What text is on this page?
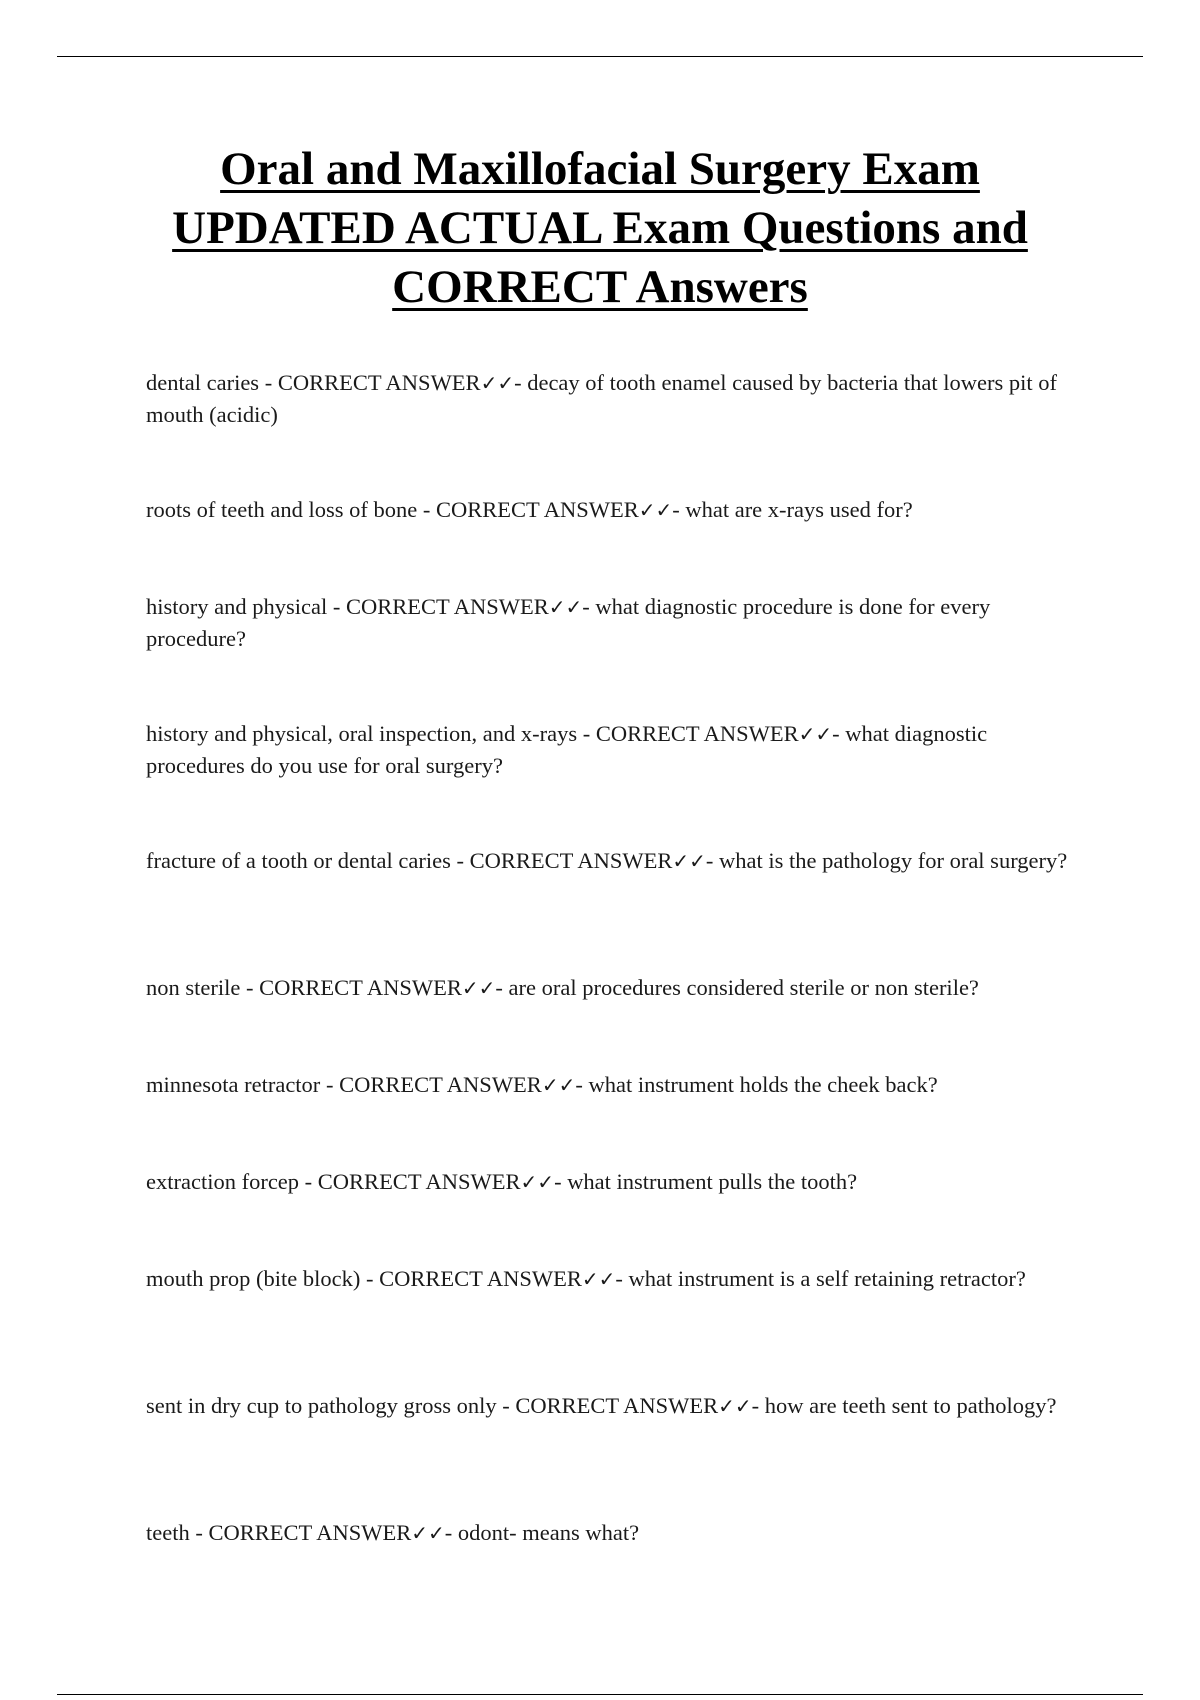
Oral and Maxillofacial Surgery Exam
UPDATED ACTUAL Exam Questions and
CORRECT Answers

dental caries - CORRECT ANSWER✓✓- decay of tooth enamel caused by bacteria that lowers pit of mouth (acidic)

roots of teeth and loss of bone - CORRECT ANSWER✓✓- what are x-rays used for?

history and physical - CORRECT ANSWER✓✓- what diagnostic procedure is done for every procedure?

history and physical, oral inspection, and x-rays - CORRECT ANSWER✓✓- what diagnostic procedures do you use for oral surgery?

fracture of a tooth or dental caries - CORRECT ANSWER✓✓- what is the pathology for oral surgery?

non sterile - CORRECT ANSWER✓✓- are oral procedures considered sterile or non sterile?

minnesota retractor - CORRECT ANSWER✓✓- what instrument holds the cheek back?

extraction forcep - CORRECT ANSWER✓✓- what instrument pulls the tooth?

mouth prop (bite block) - CORRECT ANSWER✓✓- what instrument is a self retaining retractor?

sent in dry cup to pathology gross only - CORRECT ANSWER✓✓- how are teeth sent to pathology?

teeth - CORRECT ANSWER✓✓- odont- means what?
